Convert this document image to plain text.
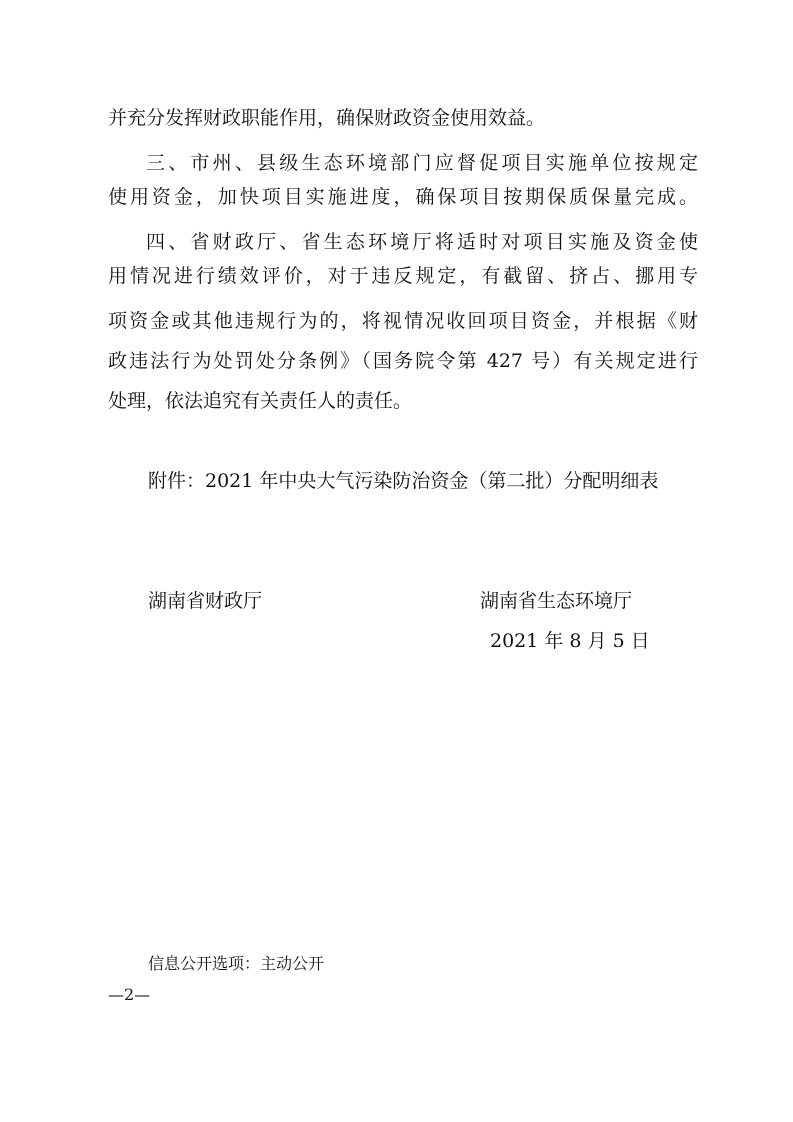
并充分发挥财政职能作用，确保财政资金使用效益。
三、市州、县级生态环境部门应督促项目实施单位按规定
使用资金，加快项目实施进度，确保项目按期保质保量完成。
四、省财政厅、省生态环境厅将适时对项目实施及资金使
用情况进行绩效评价，对于违反规定，有截留、挤占、挪用专
项资金或其他违规行为的，将视情况收回项目资金，并根据《财
政违法行为处罚处分条例》（国务院令第 427 号）有关规定进行
处理，依法追究有关责任人的责任。
附件：2021 年中央大气污染防治资金（第二批）分配明细表
湖南省财政厅	湖南省生态环境厅
2021 年 8 月 5 日
信息公开选项：主动公开
—2—
